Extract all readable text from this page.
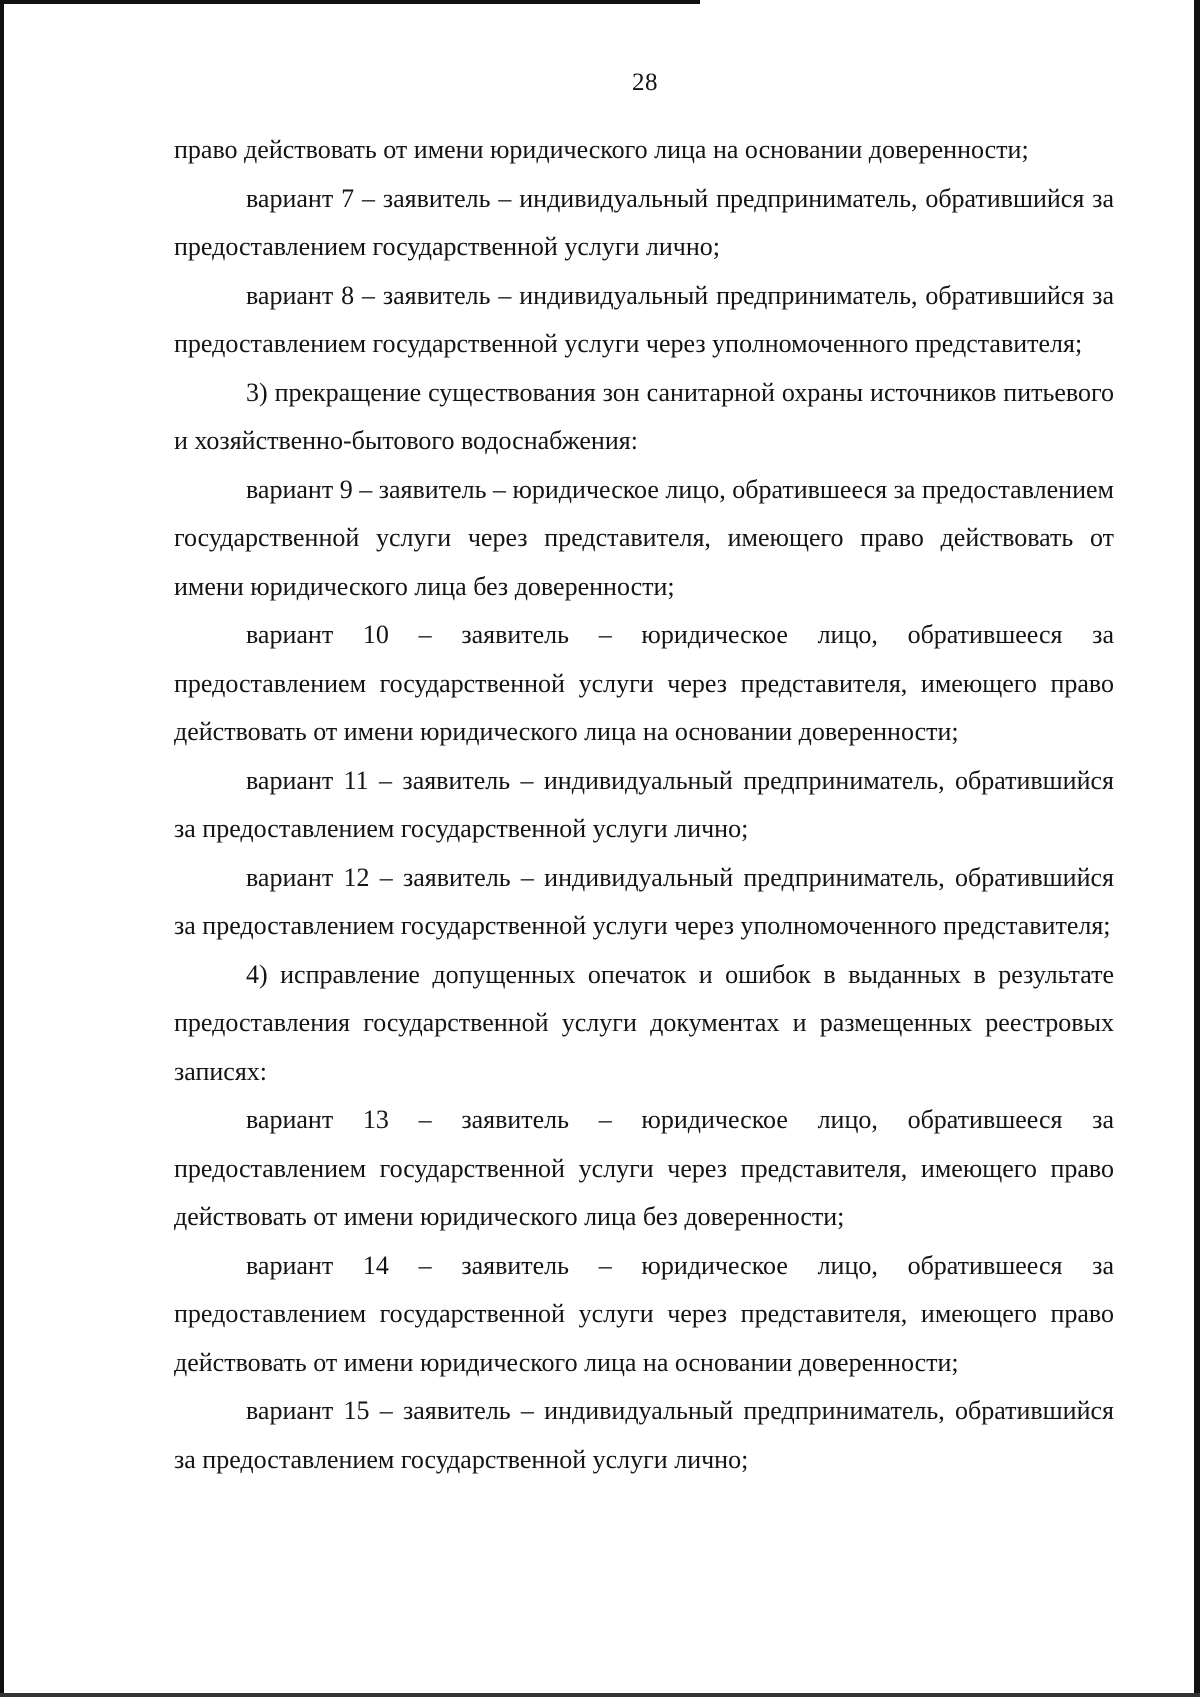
28

право действовать от имени юридического лица на основании доверенности;

вариант 7 – заявитель – индивидуальный предприниматель, обратившийся за предоставлением государственной услуги лично;

вариант 8 – заявитель – индивидуальный предприниматель, обратившийся за предоставлением государственной услуги через уполномоченного представителя;

3) прекращение существования зон санитарной охраны источников питьевого и хозяйственно-бытового водоснабжения:

вариант 9 – заявитель – юридическое лицо, обратившееся за предоставлением государственной услуги через представителя, имеющего право действовать от имени юридического лица без доверенности;

вариант 10 – заявитель – юридическое лицо, обратившееся за предоставлением государственной услуги через представителя, имеющего право действовать от имени юридического лица на основании доверенности;

вариант 11 – заявитель – индивидуальный предприниматель, обратившийся за предоставлением государственной услуги лично;

вариант 12 – заявитель – индивидуальный предприниматель, обратившийся за предоставлением государственной услуги через уполномоченного представителя;

4) исправление допущенных опечаток и ошибок в выданных в результате предоставления государственной услуги документах и размещенных реестровых записях:

вариант 13 – заявитель – юридическое лицо, обратившееся за предоставлением государственной услуги через представителя, имеющего право действовать от имени юридического лица без доверенности;

вариант 14 – заявитель – юридическое лицо, обратившееся за предоставлением государственной услуги через представителя, имеющего право действовать от имени юридического лица на основании доверенности;

вариант 15 – заявитель – индивидуальный предприниматель, обратившийся за предоставлением государственной услуги лично;
